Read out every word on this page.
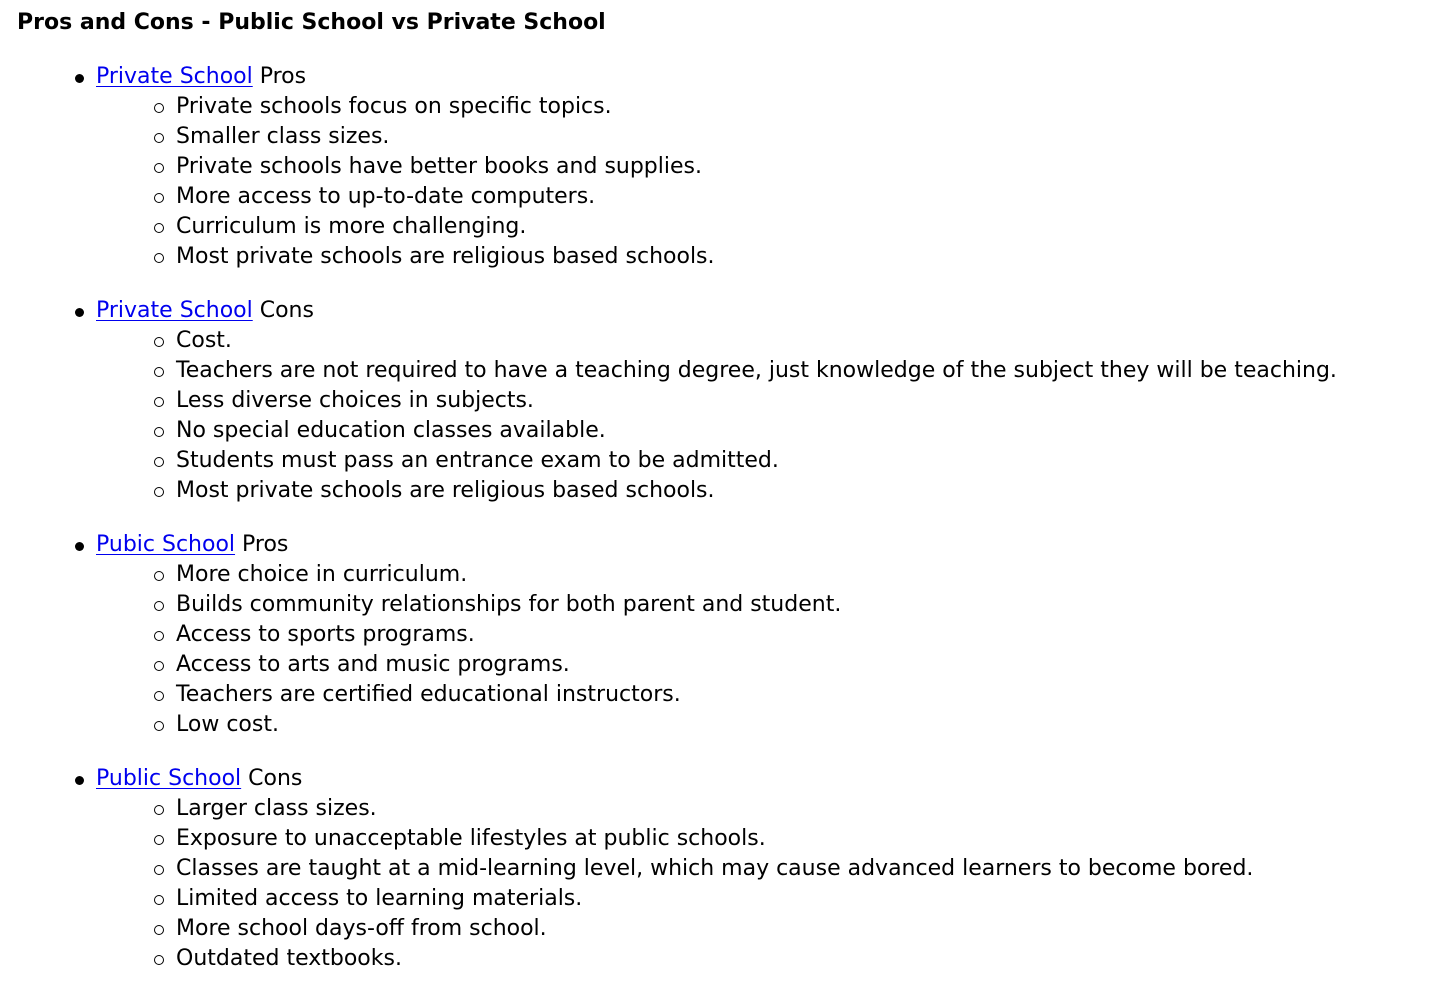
Pros and Cons - Public School vs Private School
Private School Pros
Private schools focus on specific topics.
Smaller class sizes.
Private schools have better books and supplies.
More access to up-to-date computers.
Curriculum is more challenging.
Most private schools are religious based schools.
Private School Cons
Cost.
Teachers are not required to have a teaching degree, just knowledge of the subject they will be teaching.
Less diverse choices in subjects.
No special education classes available.
Students must pass an entrance exam to be admitted.
Most private schools are religious based schools.
Pubic School Pros
More choice in curriculum.
Builds community relationships for both parent and student.
Access to sports programs.
Access to arts and music programs.
Teachers are certified educational instructors.
Low cost.
Public School Cons
Larger class sizes.
Exposure to unacceptable lifestyles at public schools.
Classes are taught at a mid-learning level, which may cause advanced learners to become bored.
Limited access to learning materials.
More school days-off from school.
Outdated textbooks.
